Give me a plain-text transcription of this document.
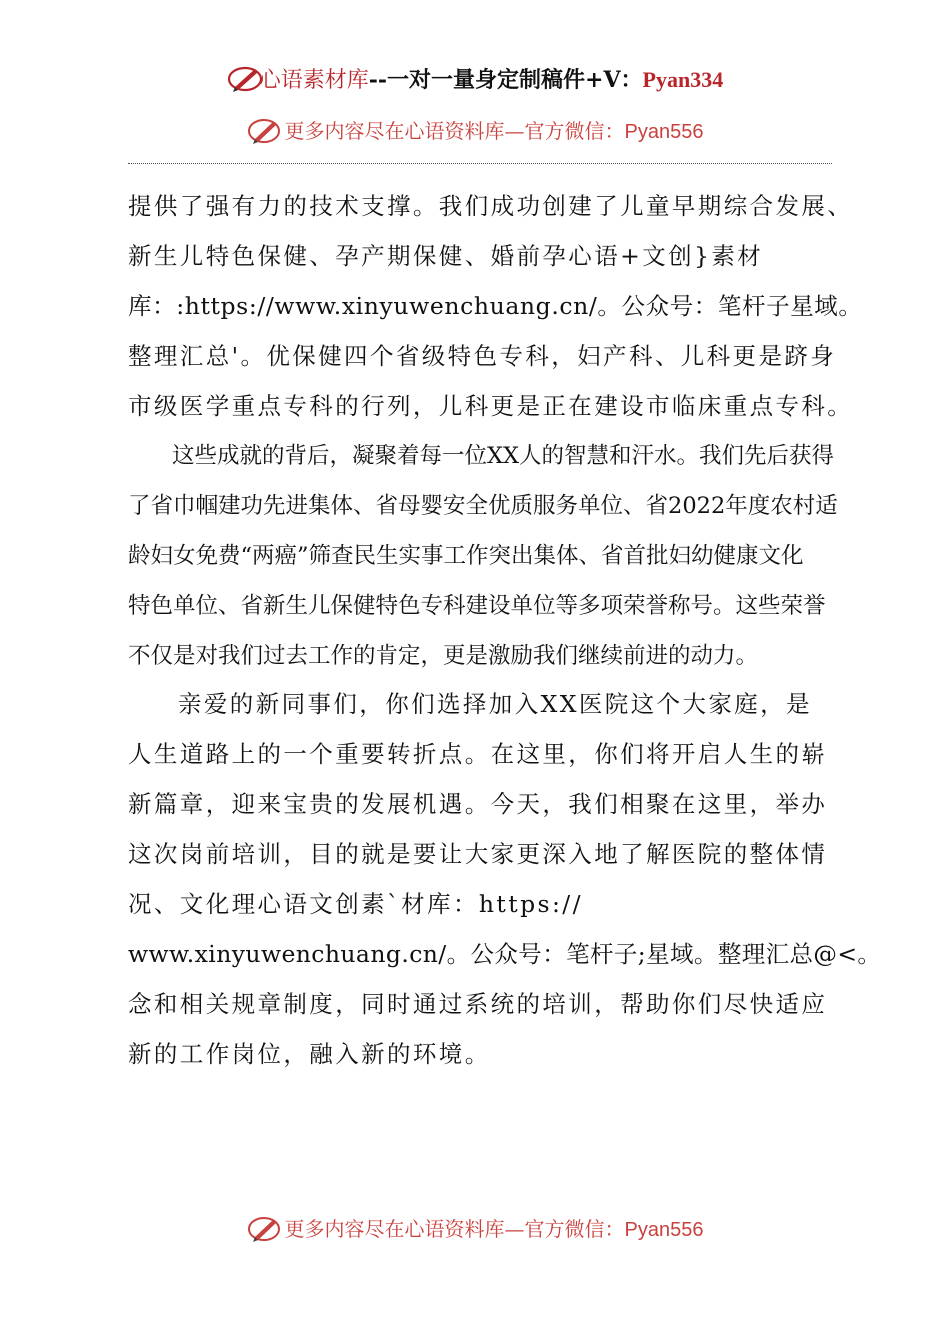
心语素材库--一对一量身定制稿件+V：Pyan334
更多内容尽在心语资料库—官方微信：Pyan556
提供了强有力的技术支撑。我们成功创建了儿童早期综合发展、
新生儿特色保健、孕产期保健、婚前孕心语+文创}素材
库：:https://www.xinyuwenchuang.cn/。公众号：笔杆子星域。
整理汇总'。优保健四个省级特色专科，妇产科、儿科更是跻身
市级医学重点专科的行列，儿科更是正在建设市临床重点专科。
这些成就的背后，凝聚着每一位XX人的智慧和汗水。我们先后获得
了省巾帼建功先进集体、省母婴安全优质服务单位、省2022年度农村适
龄妇女免费“两癌”筛查民生实事工作突出集体、省首批妇幼健康文化
特色单位、省新生儿保健特色专科建设单位等多项荣誉称号。这些荣誉
不仅是对我们过去工作的肯定，更是激励我们继续前进的动力。
亲爱的新同事们，你们选择加入XX医院这个大家庭，是
人生道路上的一个重要转折点。在这里，你们将开启人生的崭
新篇章，迎来宝贵的发展机遇。今天，我们相聚在这里，举办
这次岗前培训，目的就是要让大家更深入地了解医院的整体情
况、文化理心语文创素`材库：https://
www.xinyuwenchuang.cn/。公众号：笔杆子;星域。整理汇总@<。
念和相关规章制度，同时通过系统的培训，帮助你们尽快适应
新的工作岗位，融入新的环境。
更多内容尽在心语资料库—官方微信：Pyan556
